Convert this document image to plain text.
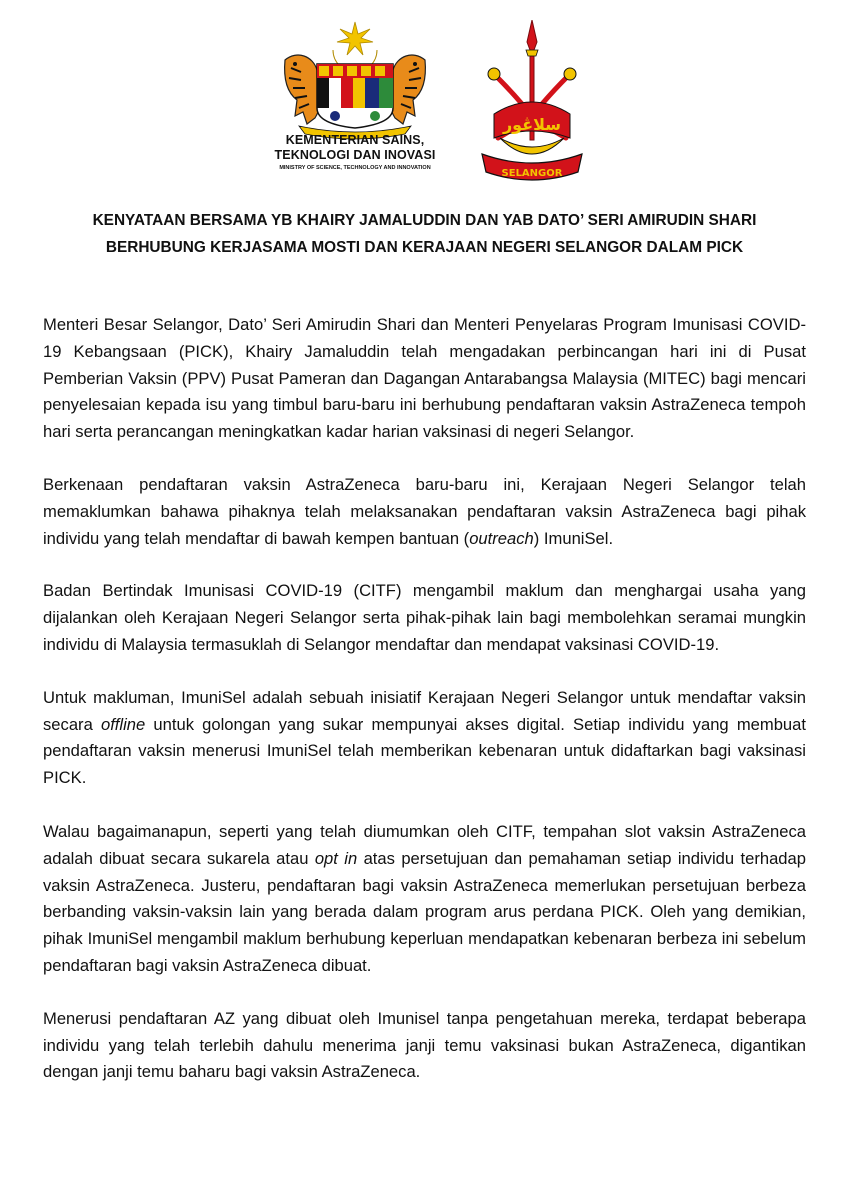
KEMENTERIAN SAINS,
TEKNOLOGI DAN INOVASI
MINISTRY OF SCIENCE, TECHNOLOGY AND INNOVATION
سلاڠور
SELANGOR
KENYATAAN BERSAMA YB KHAIRY JAMALUDDIN DAN YAB DATO’ SERI AMIRUDIN SHARI
BERHUBUNG KERJASAMA MOSTI DAN KERAJAAN NEGERI SELANGOR DALAM PICK

Menteri Besar Selangor, Dato’ Seri Amirudin Shari dan Menteri Penyelaras Program Imunisasi COVID-19 Kebangsaan (PICK), Khairy Jamaluddin telah mengadakan perbincangan hari ini di Pusat Pemberian Vaksin (PPV) Pusat Pameran dan Dagangan Antarabangsa Malaysia (MITEC) bagi mencari penyelesaian kepada isu yang timbul baru-baru ini berhubung pendaftaran vaksin AstraZeneca tempoh hari serta perancangan meningkatkan kadar harian vaksinasi di negeri Selangor.

Berkenaan pendaftaran vaksin AstraZeneca baru-baru ini, Kerajaan Negeri Selangor telah memaklumkan bahawa pihaknya telah melaksanakan pendaftaran vaksin AstraZeneca bagi pihak individu yang telah mendaftar di bawah kempen bantuan (outreach) ImuniSel.

Badan Bertindak Imunisasi COVID-19 (CITF) mengambil maklum dan menghargai usaha yang dijalankan oleh Kerajaan Negeri Selangor serta pihak-pihak lain bagi membolehkan seramai mungkin individu di Malaysia termasuklah di Selangor mendaftar dan mendapat vaksinasi COVID-19.

Untuk makluman, ImuniSel adalah sebuah inisiatif Kerajaan Negeri Selangor untuk mendaftar vaksin secara offline untuk golongan yang sukar mempunyai akses digital. Setiap individu yang membuat pendaftaran vaksin menerusi ImuniSel telah memberikan kebenaran untuk didaftarkan bagi vaksinasi PICK.

Walau bagaimanapun, seperti yang telah diumumkan oleh CITF, tempahan slot vaksin AstraZeneca adalah dibuat secara sukarela atau opt in atas persetujuan dan pemahaman setiap individu terhadap vaksin AstraZeneca. Justeru, pendaftaran bagi vaksin AstraZeneca memerlukan persetujuan berbeza berbanding vaksin-vaksin lain yang berada dalam program arus perdana PICK. Oleh yang demikian, pihak ImuniSel mengambil maklum berhubung keperluan mendapatkan kebenaran berbeza ini sebelum pendaftaran bagi vaksin AstraZeneca dibuat.

Menerusi pendaftaran AZ yang dibuat oleh Imunisel tanpa pengetahuan mereka, terdapat beberapa individu yang telah terlebih dahulu menerima janji temu vaksinasi bukan AstraZeneca, digantikan dengan janji temu baharu bagi vaksin AstraZeneca.
